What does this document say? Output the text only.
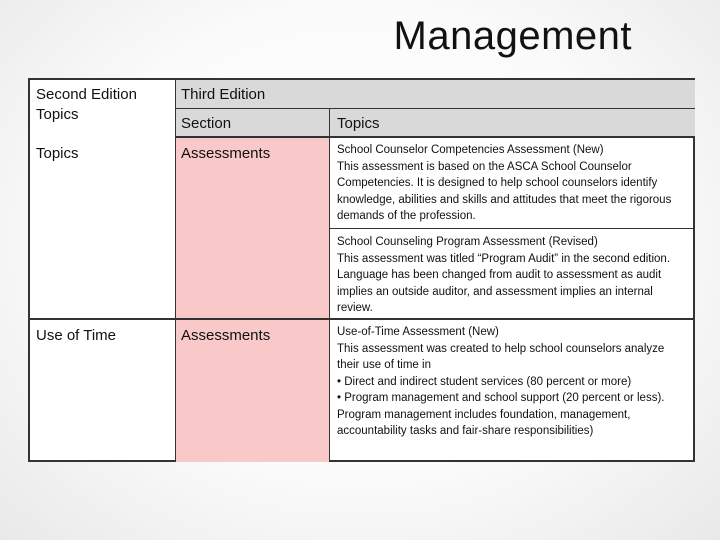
Management
Second Edition Topics
Third Edition
Section	Topics
Topics	Assessments	School Counselor Competencies Assessment (New)
This assessment is based on the ASCA School Counselor Competencies. It is designed to help school counselors identify knowledge, abilities and skills and attitudes that meet the rigorous demands of the profession.
School Counseling Program Assessment (Revised)
This assessment was titled “Program Audit” in the second edition. Language has been changed from audit to assessment as audit implies an outside auditor, and assessment implies an internal review.
Use of Time	Assessments	Use-of-Time Assessment (New)
This assessment was created to help school counselors analyze their use of time in
• Direct and indirect student services (80 percent or more)
• Program management and school support (20 percent or less). Program management includes foundation, management, accountability tasks and fair-share responsibilities)
